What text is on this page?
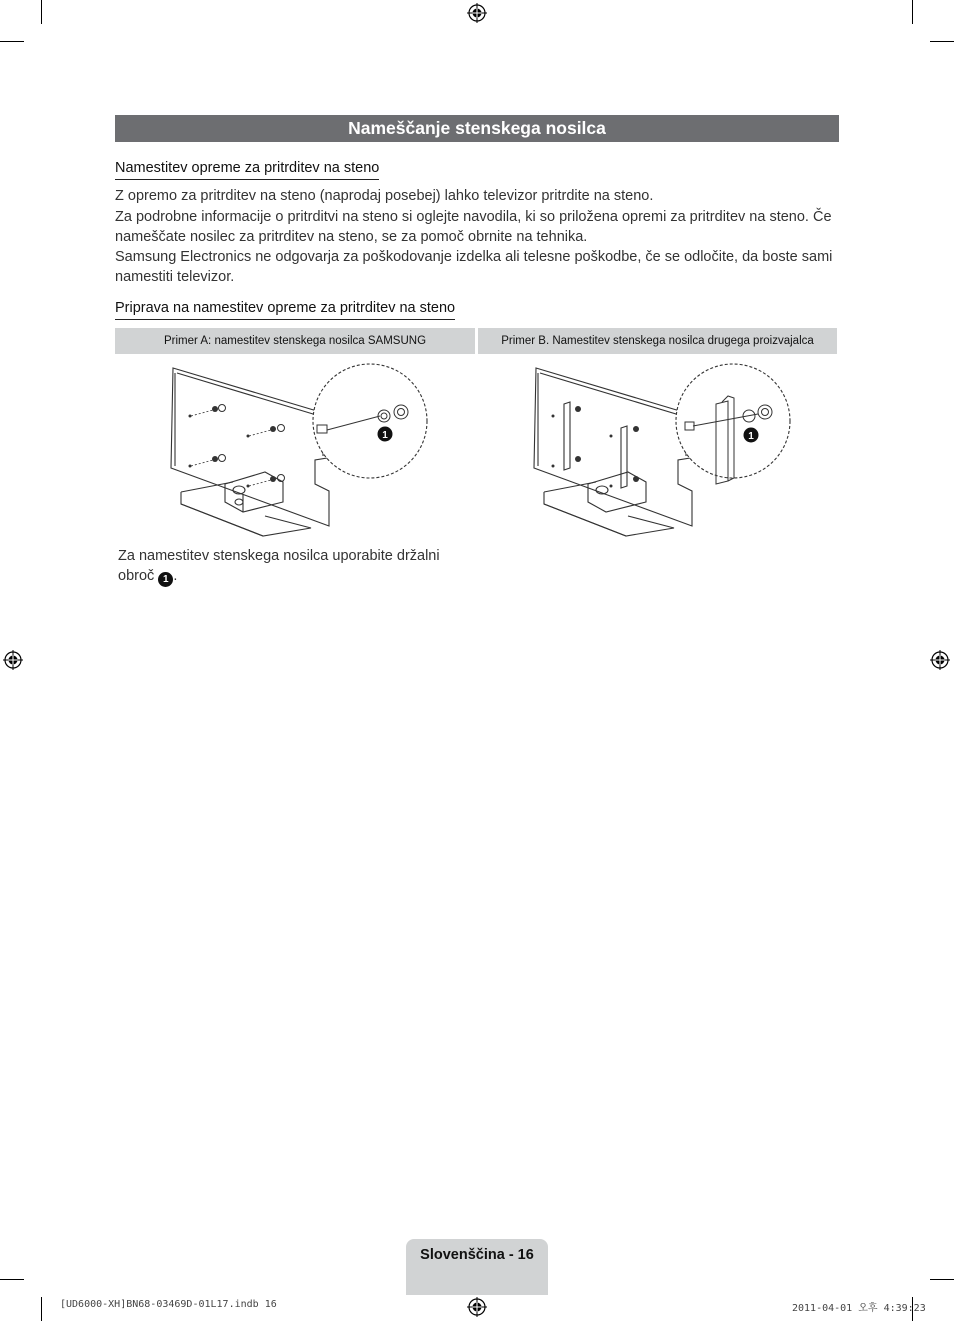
Nameščanje stenskega nosilca
Namestitev opreme za pritrditev na steno
Z opremo za pritrditev na steno (naprodaj posebej) lahko televizor pritrdite na steno.
Za podrobne informacije o pritrditvi na steno si oglejte navodila, ki so priložena opremi za pritrditev na steno. Če nameščate nosilec za pritrditev na steno, se za pomoč obrnite na tehnika.
Samsung Electronics ne odgovarja za poškodovanje izdelka ali telesne poškodbe, če se odločite, da boste sami namestiti televizor.
Priprava na namestitev opreme za pritrditev na steno
Primer A: namestitev stenskega nosilca SAMSUNG	Primer B. Namestitev stenskega nosilca drugega proizvajalca
1	1
Za namestitev stenskega nosilca uporabite držalni obroč 1 .
Slovenščina - 16
[UD6000-XH]BN68-03469D-01L17.indb 16	2011-04-01 오후 4:39:23
